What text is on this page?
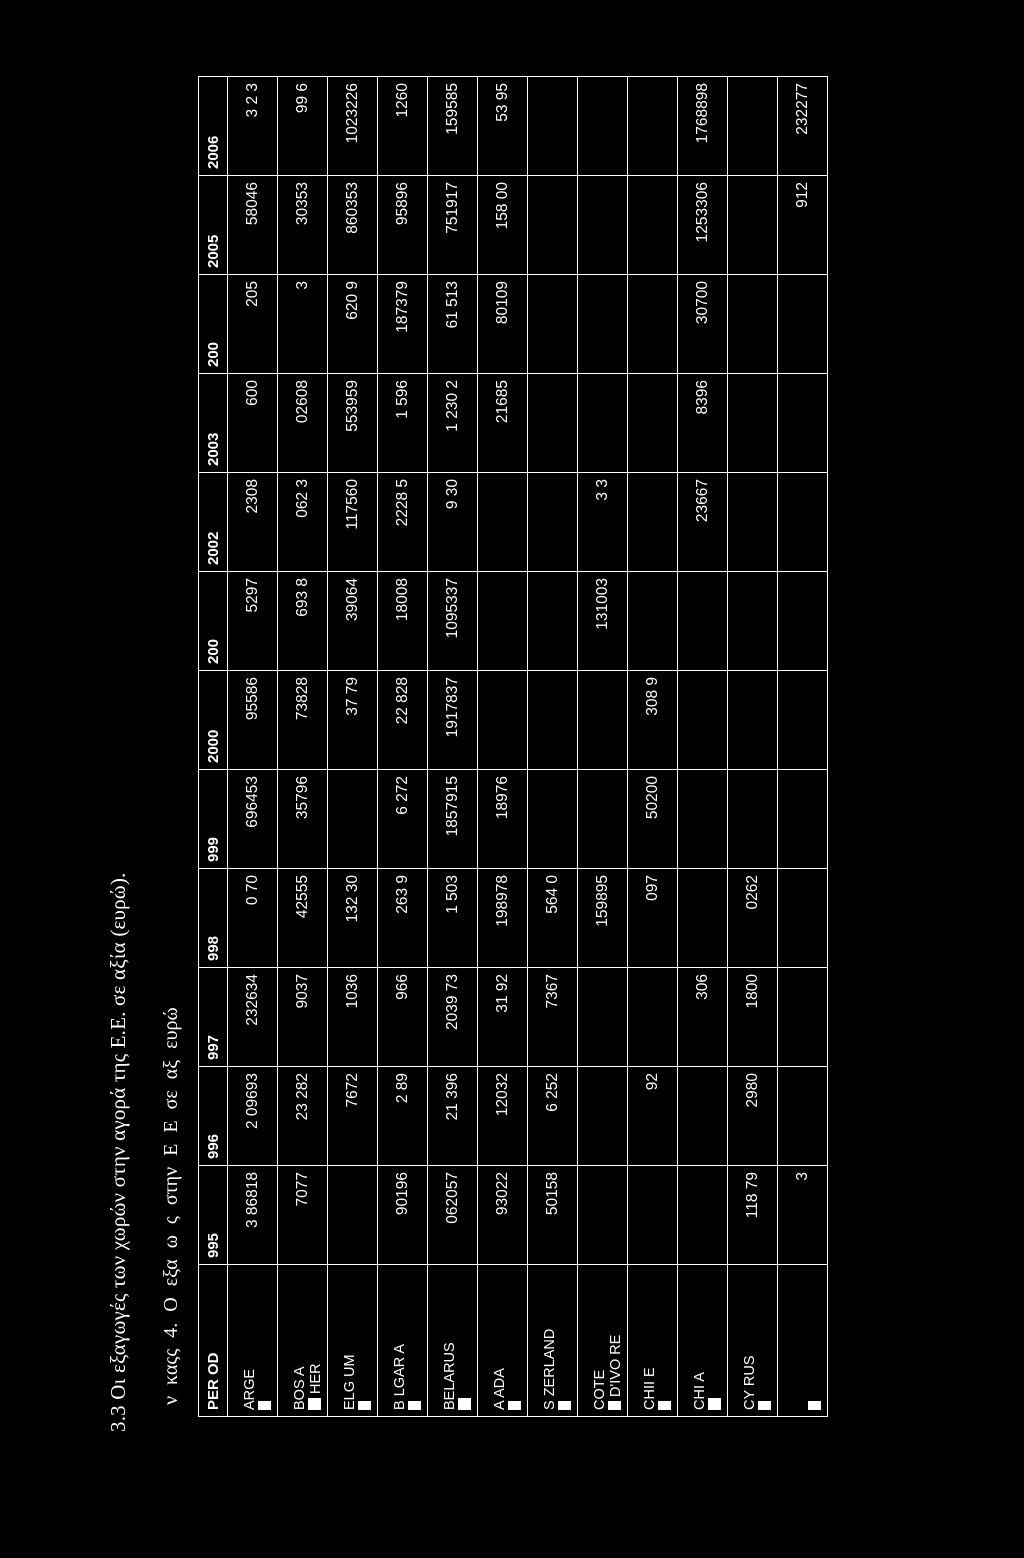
3.3 Οι εξαγωγές των χωρών στην αγορά της Ε.Ε. σε αξία (ευρώ). ν καςς 4. Ο εξα ω ς στην Ε Ε σε αξ ευρώ PER OD	995	996	997	998	999	2000	200	2002	2003	200	2005	2006

ARGE	3 86818	2 09693	232634	0 70	696453	95586	5297	2308	600	205	58046	3 2 3

BOS A HER	7077	23 282	9037	42555	35796	73828	693 8	062 3	02608	3	30353	99 6

ELG UM		7672	1036	132 30		37 79	39064	117560	553959	620 9	860353	1023226

B LGAR A	90196	2 89	966	263 9	6 272	22 828	18008	2228 5	1 596	187379	95896	1260

BELARUS	062057	21 396	2039 73	1 503	1857915	1917837	1095337	9 30	1 230 2	61 513	751917	159585

A ADA	93022	12032	31 92	198978	18976				21685	80109	158 00	53 95

S ZERLAND	50158	6 252	7367	564 0								

COTE D'IVO RE				159895			131003	3 3				

CHII E		92		097	50200	308 9						

CHI A			306					23667	8396	30700	1253306	1768898

CY RUS	118 79	2980	1800	0262								

	3										912	232277
